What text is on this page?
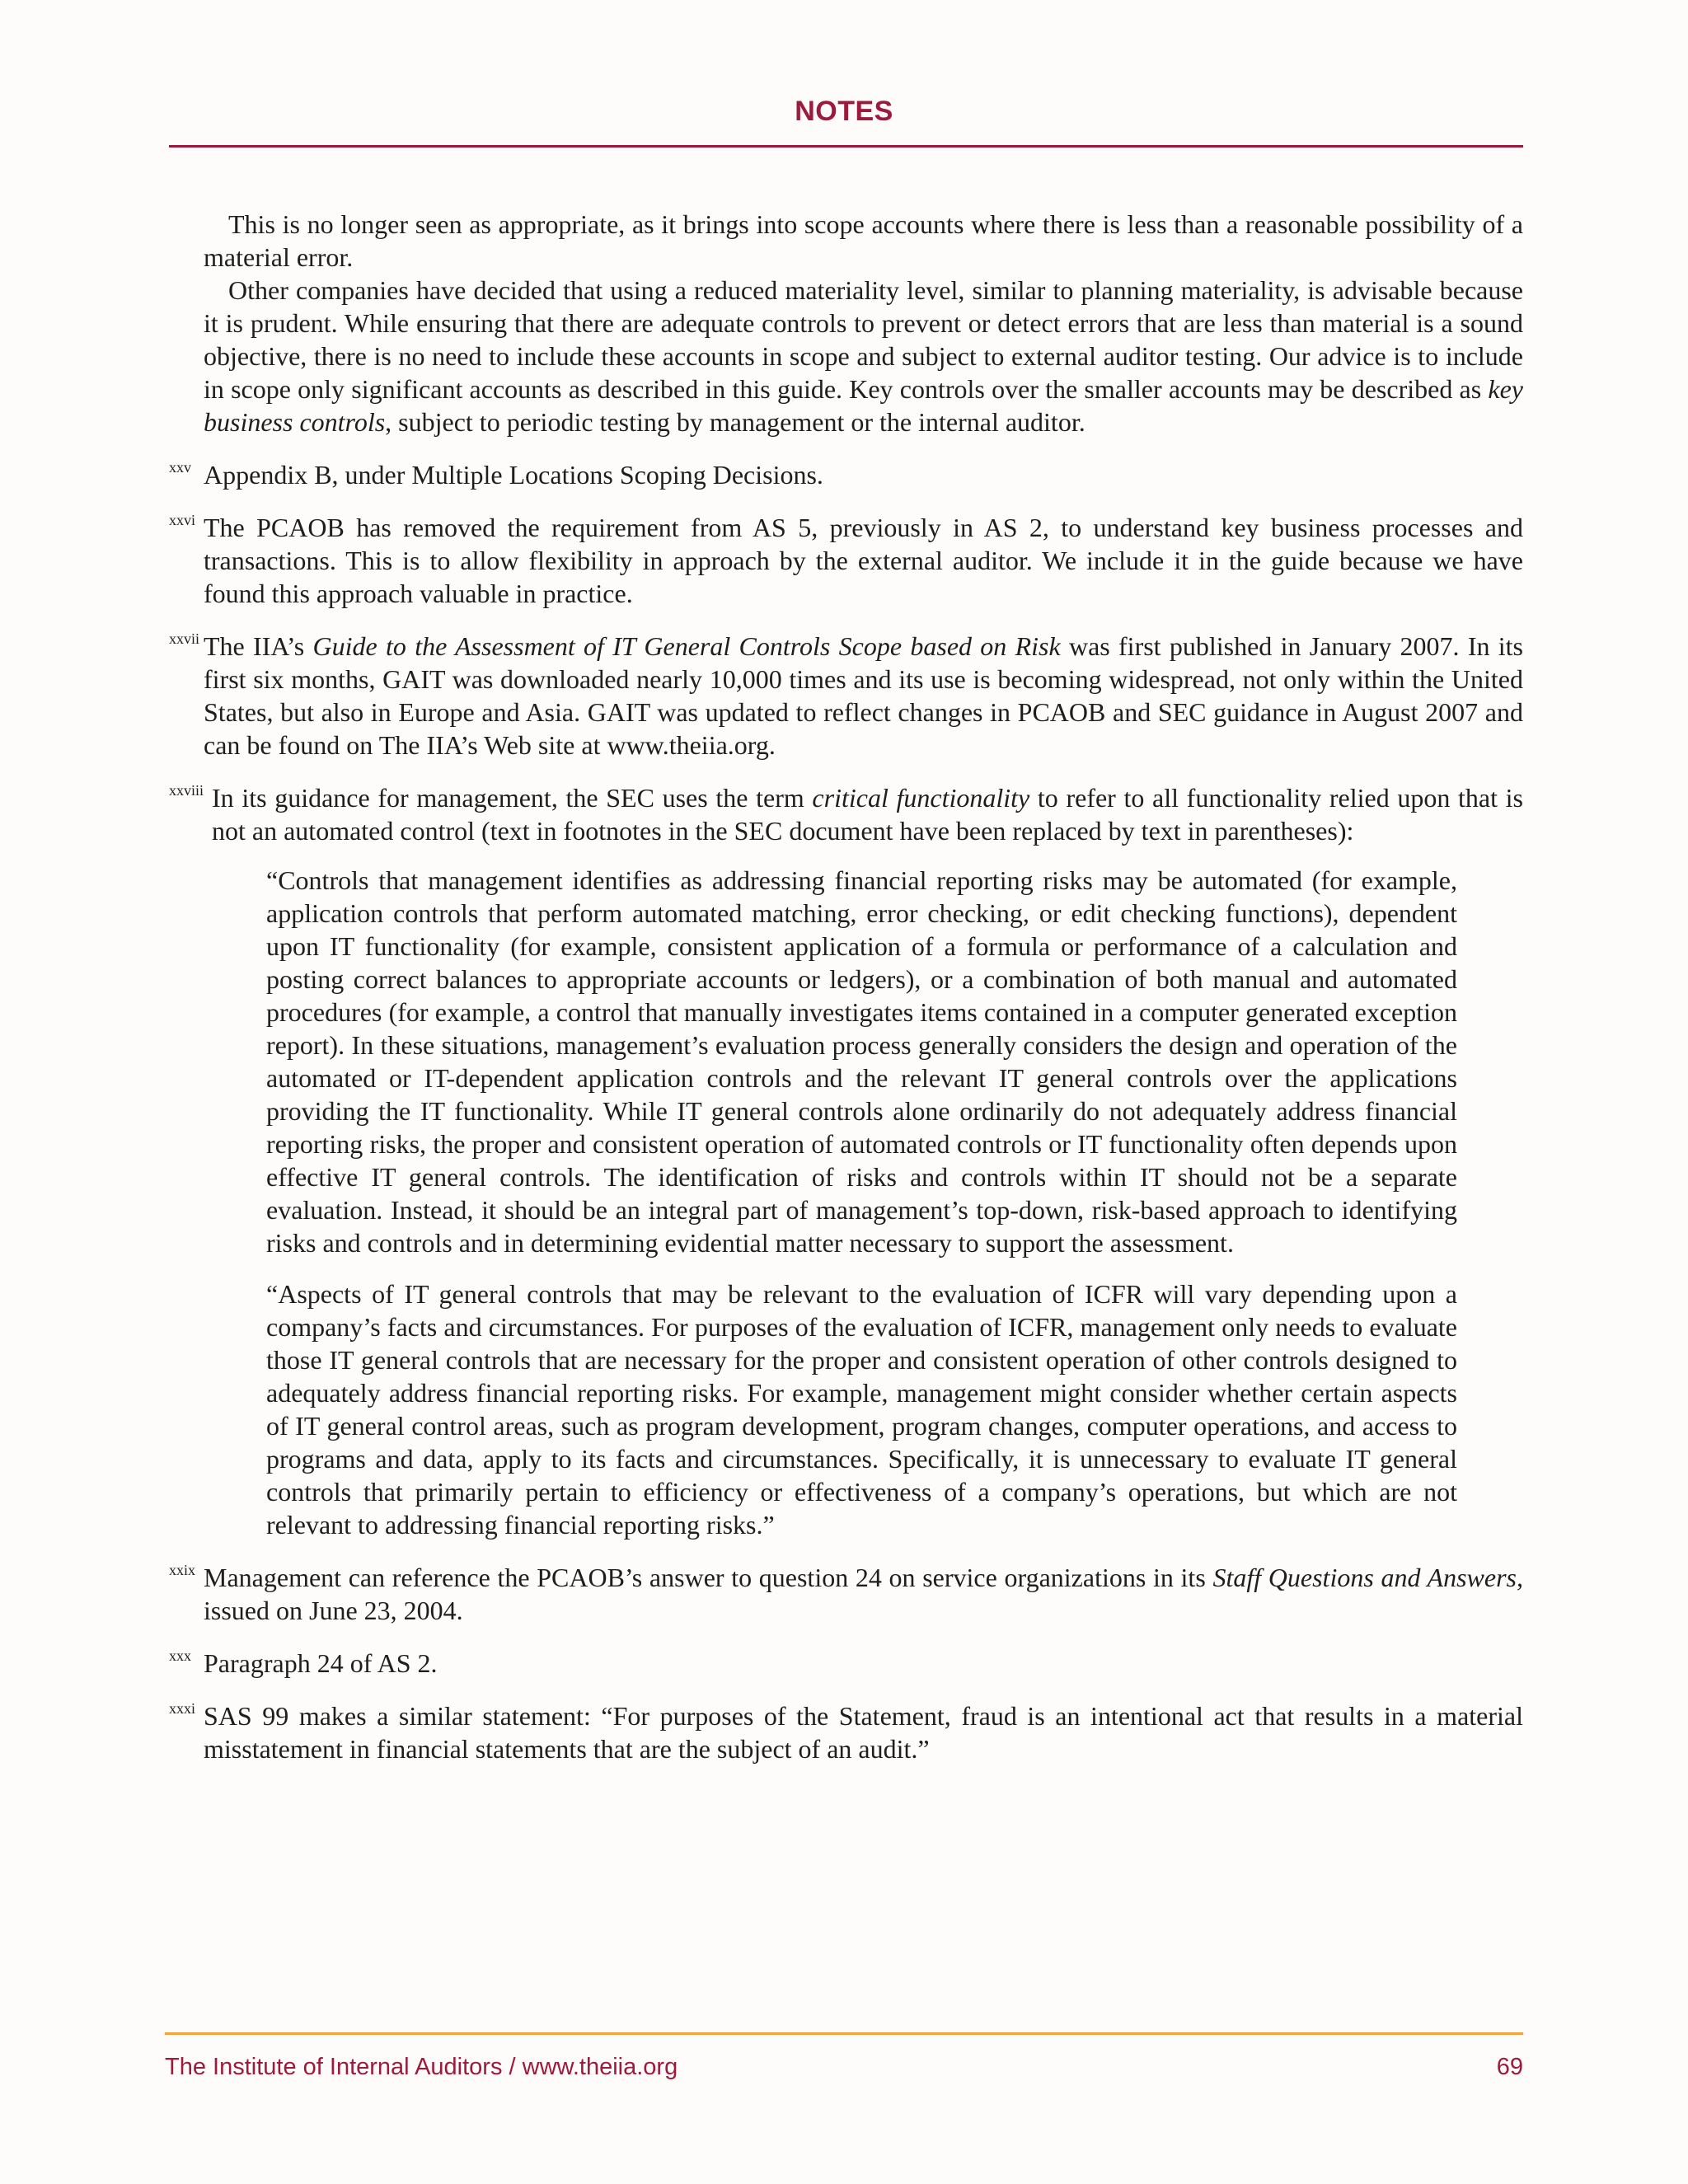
NOTES

This is no longer seen as appropriate, as it brings into scope accounts where there is less than a reasonable possibility of a material error.

Other companies have decided that using a reduced materiality level, similar to planning materiality, is advisable because it is prudent. While ensuring that there are adequate controls to prevent or detect errors that are less than material is a sound objective, there is no need to include these accounts in scope and subject to external auditor testing. Our advice is to include in scope only significant accounts as described in this guide. Key controls over the smaller accounts may be described as key business controls, subject to periodic testing by management or the internal auditor.

xxv Appendix B, under Multiple Locations Scoping Decisions.

xxvi The PCAOB has removed the requirement from AS 5, previously in AS 2, to understand key business processes and transactions. This is to allow flexibility in approach by the external auditor. We include it in the guide because we have found this approach valuable in practice.

xxvii The IIA’s Guide to the Assessment of IT General Controls Scope based on Risk was first published in January 2007. In its first six months, GAIT was downloaded nearly 10,000 times and its use is becoming widespread, not only within the United States, but also in Europe and Asia. GAIT was updated to reflect changes in PCAOB and SEC guidance in August 2007 and can be found on The IIA’s Web site at www.theiia.org.

xxviii In its guidance for management, the SEC uses the term critical functionality to refer to all functionality relied upon that is not an automated control (text in footnotes in the SEC document have been replaced by text in parentheses):

“Controls that management identifies as addressing financial reporting risks may be automated (for example, application controls that perform automated matching, error checking, or edit checking functions), dependent upon IT functionality (for example, consistent application of a formula or performance of a calculation and posting correct balances to appropriate accounts or ledgers), or a combination of both manual and automated procedures (for example, a control that manually investigates items contained in a computer generated exception report). In these situations, management’s evaluation process generally considers the design and operation of the automated or IT-dependent application controls and the relevant IT general controls over the applications providing the IT functionality. While IT general controls alone ordinarily do not adequately address financial reporting risks, the proper and consistent operation of automated controls or IT functionality often depends upon effective IT general controls. The identification of risks and controls within IT should not be a separate evaluation. Instead, it should be an integral part of management’s top-down, risk-based approach to identifying risks and controls and in determining evidential matter necessary to support the assessment.

“Aspects of IT general controls that may be relevant to the evaluation of ICFR will vary depending upon a company’s facts and circumstances. For purposes of the evaluation of ICFR, management only needs to evaluate those IT general controls that are necessary for the proper and consistent operation of other controls designed to adequately address financial reporting risks. For example, management might consider whether certain aspects of IT general control areas, such as program development, program changes, computer operations, and access to programs and data, apply to its facts and circumstances. Specifically, it is unnecessary to evaluate IT general controls that primarily pertain to efficiency or effectiveness of a company’s operations, but which are not relevant to addressing financial reporting risks.”

xxix Management can reference the PCAOB’s answer to question 24 on service organizations in its Staff Questions and Answers, issued on June 23, 2004.

xxx Paragraph 24 of AS 2.

xxxi SAS 99 makes a similar statement: “For purposes of the Statement, fraud is an intentional act that results in a material misstatement in financial statements that are the subject of an audit.”

The Institute of Internal Auditors / www.theiia.org	69
